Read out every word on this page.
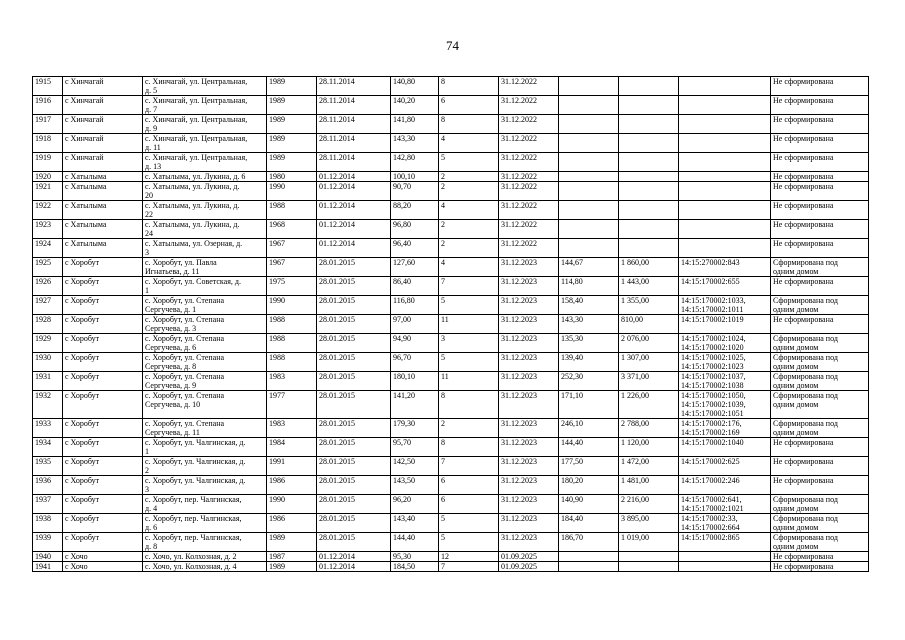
74
1915	с Хинчагай	с. Хинчагай, ул. Центральная,
д. 5	1989	28.11.2014	140,80	8	31.12.2022				Не сформирована
1916	с Хинчагай	с. Хинчагай, ул. Центральная,
д. 7	1989	28.11.2014	140,20	6	31.12.2022				Не сформирована
1917	с Хинчагай	с. Хинчагай, ул. Центральная,
д. 9	1989	28.11.2014	141,80	8	31.12.2022				Не сформирована
1918	с Хинчагай	с. Хинчагай, ул. Центральная,
д. 11	1989	28.11.2014	143,30	4	31.12.2022				Не сформирована
1919	с Хинчагай	с. Хинчагай, ул. Центральная,
д. 13	1989	28.11.2014	142,80	5	31.12.2022				Не сформирована
1920	с Хатылыма	с. Хатылыма, ул. Лукина, д. 6	1980	01.12.2014	100,10	2	31.12.2022				Не сформирована
1921	с Хатылыма	с. Хатылыма, ул. Лукина, д.
20	1990	01.12.2014	90,70	2	31.12.2022				Не сформирована
1922	с Хатылыма	с. Хатылыма, ул. Лукина, д.
22	1988	01.12.2014	88,20	4	31.12.2022				Не сформирована
1923	с Хатылыма	с. Хатылыма, ул. Лукина, д.
24	1968	01.12.2014	96,80	2	31.12.2022				Не сформирована
1924	с Хатылыма	с. Хатылыма, ул. Озерная, д.
3	1967	01.12.2014	96,40	2	31.12.2022				Не сформирована
1925	с Хоробут	с. Хоробут, ул. Павла
Игнатьева, д. 11	1967	28.01.2015	127,60	4	31.12.2023	144,67	1 860,00	14:15:270002:843	Сформирована под
одним домом
1926	с Хоробут	с. Хоробут, ул. Советская, д.
1	1975	28.01.2015	86,40	7	31.12.2023	114,80	1 443,00	14:15:170002:655	Не сформирована
1927	с Хоробут	с. Хоробут, ул. Степана
Сергучева, д. 1	1990	28.01.2015	116,80	5	31.12.2023	158,40	1 355,00	14:15:170002:1033,
14:15:170002:1011	Сформирована под
одним домом
1928	с Хоробут	с. Хоробут, ул. Степана
Сергучева, д. 3	1988	28.01.2015	97,00	11	31.12.2023	143,30	810,00	14:15:170002:1019	Не сформирована
1929	с Хоробут	с. Хоробут, ул. Степана
Сергучева, д. 6	1988	28.01.2015	94,90	3	31.12.2023	135,30	2 076,00	14:15:170002:1024,
14:15:170002:1020	Сформирована под
одним домом
1930	с Хоробут	с. Хоробут, ул. Степана
Сергучева, д. 8	1988	28.01.2015	96,70	5	31.12.2023	139,40	1 307,00	14:15:170002:1025,
14:15:170002:1023	Сформирована под
одним домом
1931	с Хоробут	с. Хоробут, ул. Степана
Сергучева, д. 9	1983	28.01.2015	180,10	11	31.12.2023	252,30	3 371,00	14:15:170002:1037,
14:15:170002:1038	Сформирована под
одним домом
1932	с Хоробут	с. Хоробут, ул. Степана
Сергучева, д. 10	1977	28.01.2015	141,20	8	31.12.2023	171,10	1 226,00	14:15:170002:1050,
14:15:170002:1039,
14:15:170002:1051	Сформирована под
одним домом
1933	с Хоробут	с. Хоробут, ул. Степана
Сергучева, д. 11	1983	28.01.2015	179,30	2	31.12.2023	246,10	2 788,00	14:15:170002:176,
14:15:170002:169	Сформирована под
одним домом
1934	с Хоробут	с. Хоробут, ул. Чалгинская, д.
1	1984	28.01.2015	95,70	8	31.12.2023	144,40	1 120,00	14:15:170002:1040	Не сформирована
1935	с Хоробут	с. Хоробут, ул. Чалгинская, д.
2	1991	28.01.2015	142,50	7	31.12.2023	177,50	1 472,00	14:15:170002:625	Не сформирована
1936	с Хоробут	с. Хоробут, ул. Чалгинская, д.
3	1986	28.01.2015	143,50	6	31.12.2023	180,20	1 481,00	14:15:170002:246	Не сформирована
1937	с Хоробут	с. Хоробут, пер. Чалгинская,
д. 4	1990	28.01.2015	96,20	6	31.12.2023	140,90	2 216,00	14:15:170002:641,
14:15:170002:1021	Сформирована под
одним домом
1938	с Хоробут	с. Хоробут, пер. Чалгинская,
д. 6	1986	28.01.2015	143,40	5	31.12.2023	184,40	3 895,00	14:15:170002:33,
14:15:170002:664	Сформирована под
одним домом
1939	с Хоробут	с. Хоробут, пер. Чалгинская,
д. 8	1989	28.01.2015	144,40	5	31.12.2023	186,70	1 019,00	14:15:170002:865	Сформирована под
одним домом
1940	с Хочо	с. Хочо, ул. Колхозная, д. 2	1987	01.12.2014	95,30	12	01.09.2025				Не сформирована
1941	с Хочо	с. Хочо, ул. Колхозная, д. 4	1989	01.12.2014	184,50	7	01.09.2025				Не сформирована
